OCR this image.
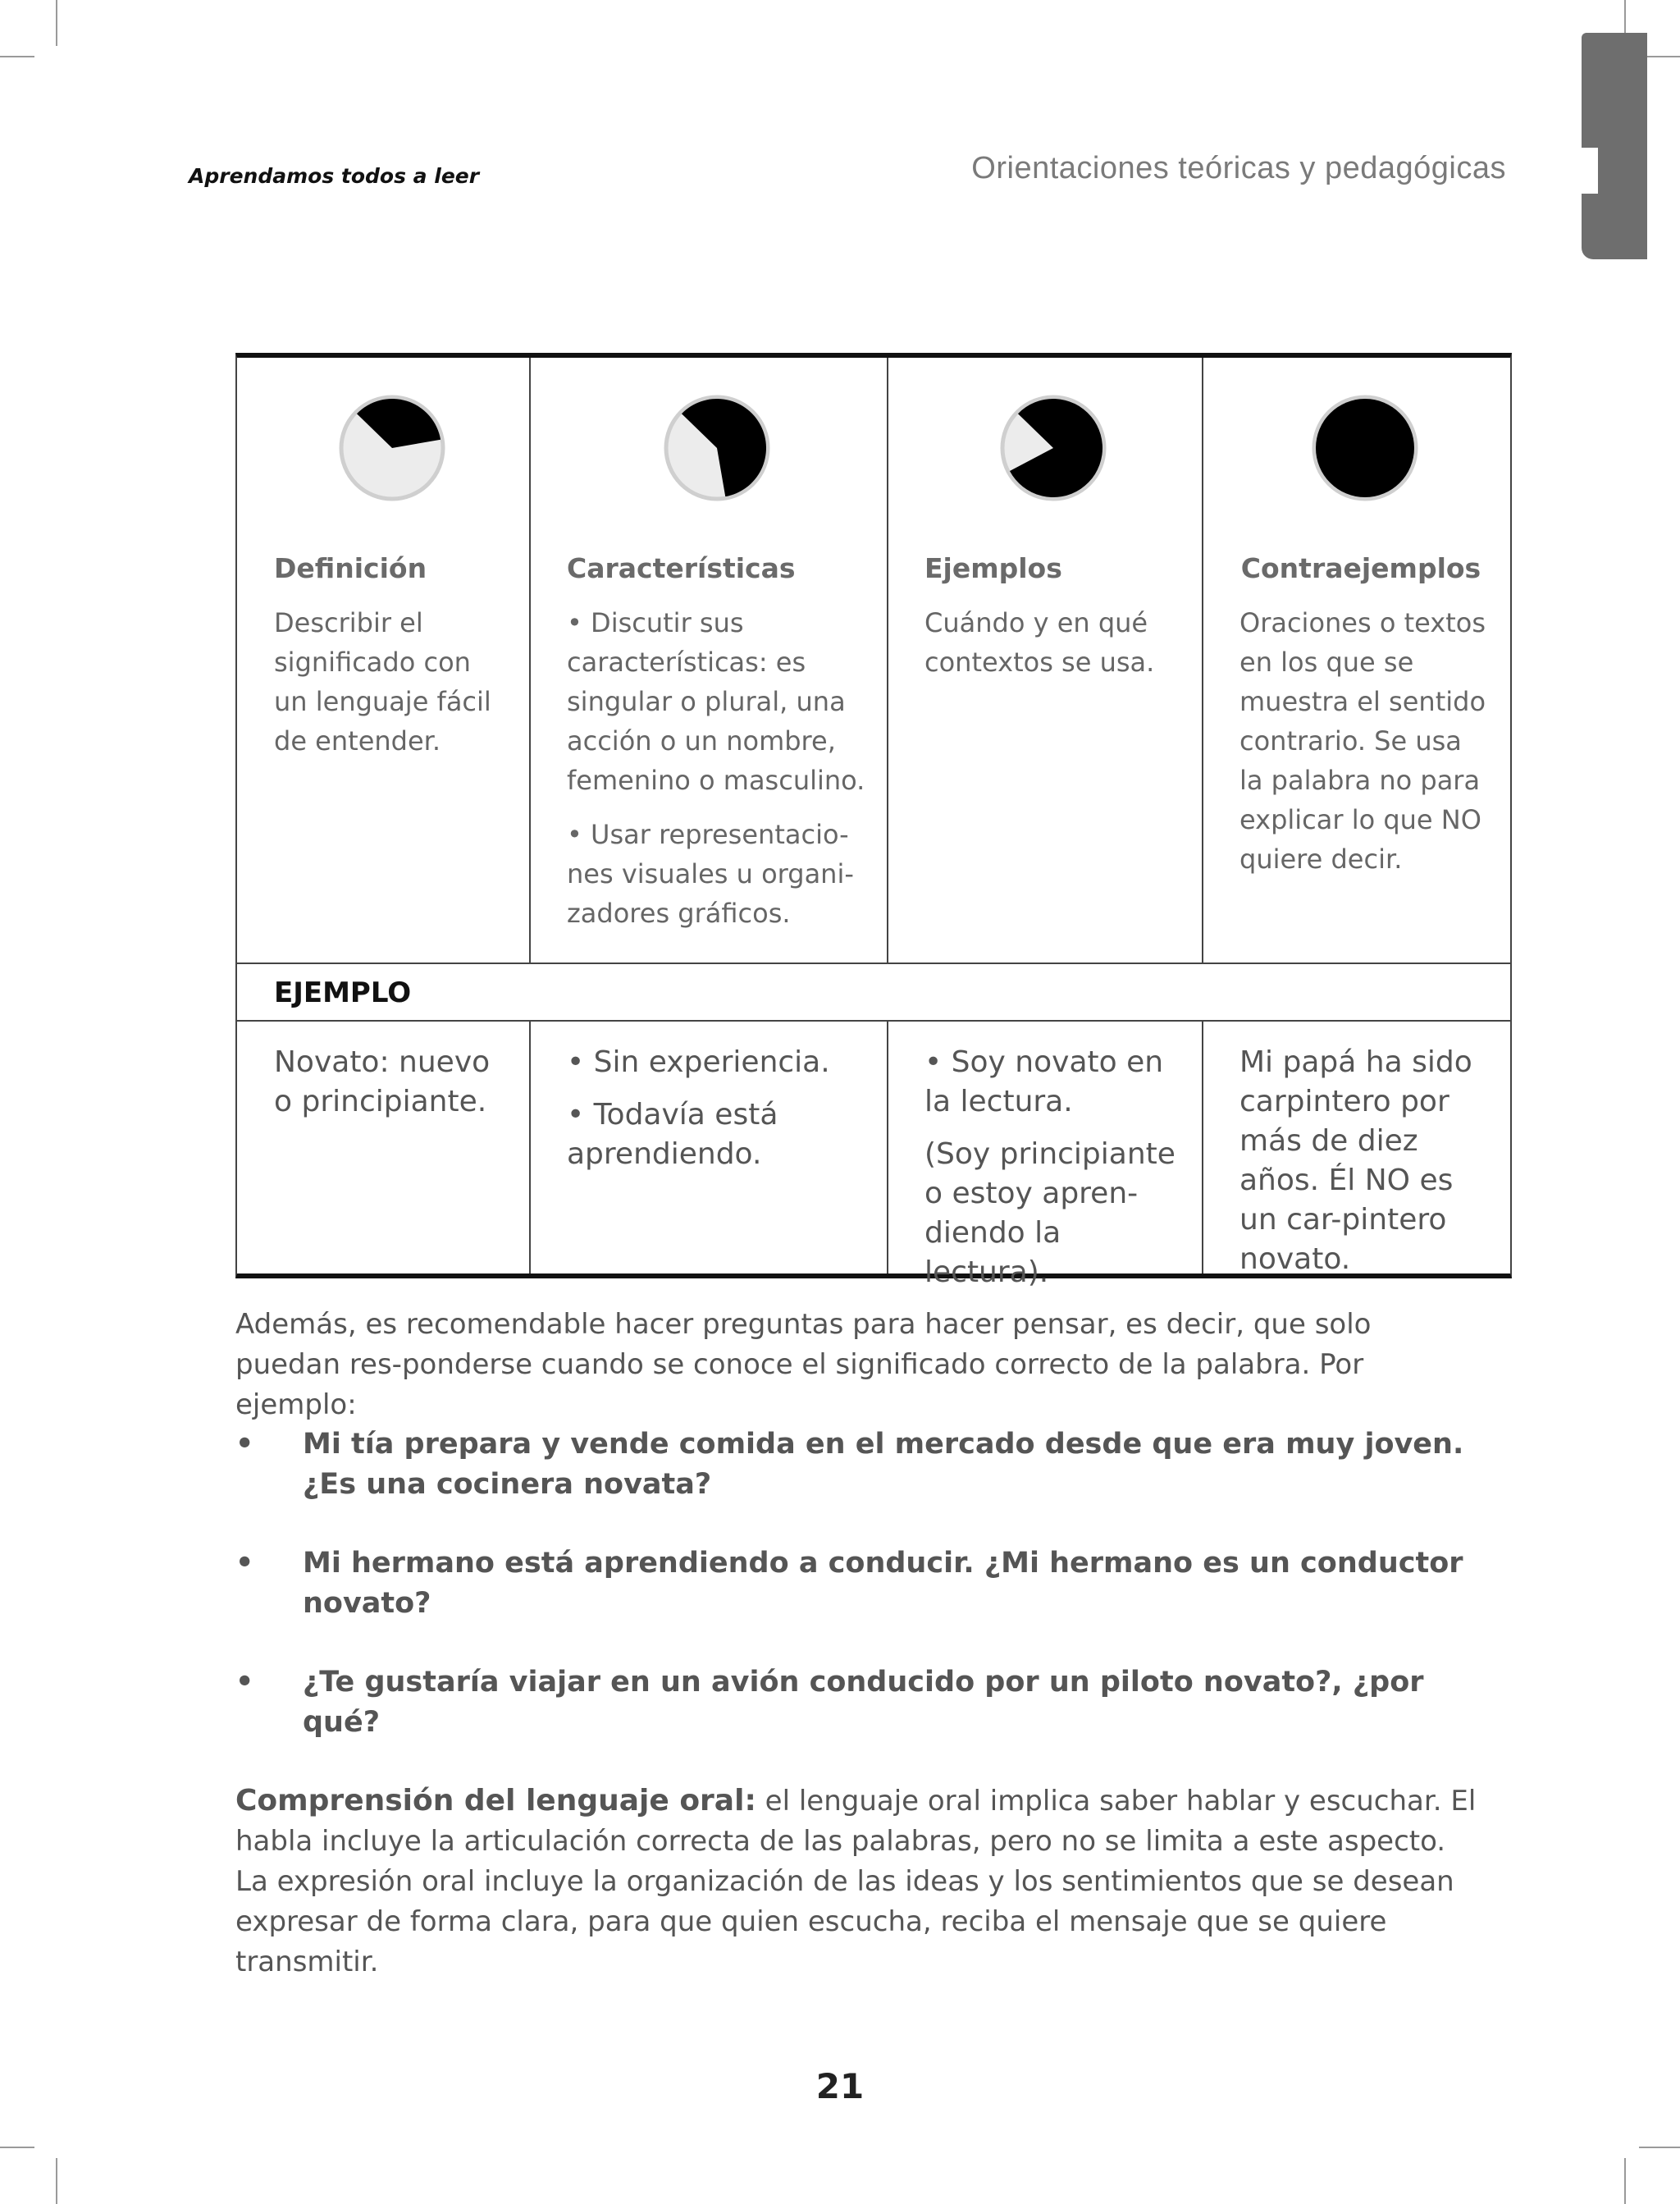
Aprendamos todos a leer	Orientaciones teóricas y pedagógicas
Definición

Describir el significado con un lenguaje fácil de entender.

Características

• Discutir sus características: es singular o plural, una acción o un nombre, femenino o masculino.

• Usar representacio-nes visuales u organi-zadores gráficos.

Ejemplos

Cuándo y en qué contextos se usa.

Contraejemplos

Oraciones o textos en los que se muestra el sentido contrario. Se usa la palabra no para explicar lo que NO quiere decir.

EJEMPLO

Novato: nuevo o principiante.

• Sin experiencia.

• Todavía está aprendiendo.

• Soy novato en la lectura.

(Soy principiante o estoy apren-diendo la lectura).

Mi papá ha sido carpintero por más de diez años. Él NO es un car-pintero novato.

Además, es recomendable hacer preguntas para hacer pensar, es decir, que solo puedan res-ponderse cuando se conoce el significado correcto de la palabra. Por ejemplo:
• Mi tía prepara y vende comida en el mercado desde que era muy joven. ¿Es una cocinera novata?
• Mi hermano está aprendiendo a conducir. ¿Mi hermano es un conductor novato?
• ¿Te gustaría viajar en un avión conducido por un piloto novato?, ¿por qué?
Comprensión del lenguaje oral: el lenguaje oral implica saber hablar y escuchar. El habla incluye la articulación correcta de las palabras, pero no se limita a este aspecto. La expresión oral incluye la organización de las ideas y los sentimientos que se desean expresar de forma clara, para que quien escucha, reciba el mensaje que se quiere transmitir.
21
